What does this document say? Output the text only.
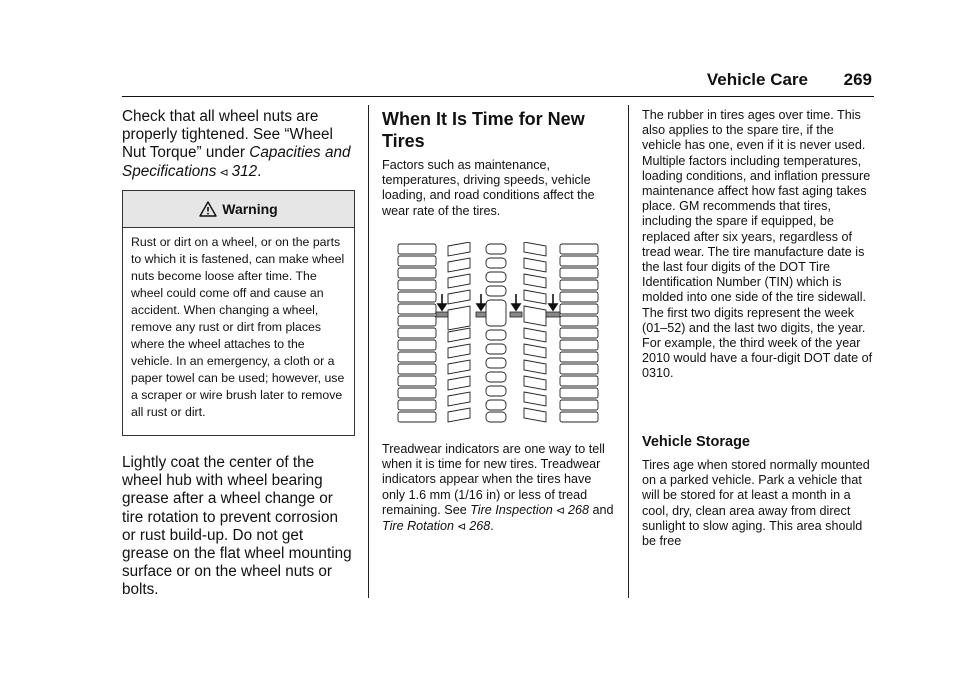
Vehicle Care 269

Check that all wheel nuts are properly tightened. See “Wheel Nut Torque” under Capacities and Specifications ⊲ 312.

Warning
Rust or dirt on a wheel, or on the parts to which it is fastened, can make wheel nuts become loose after time. The wheel could come off and cause an accident. When changing a wheel, remove any rust or dirt from places where the wheel attaches to the vehicle. In an emergency, a cloth or a paper towel can be used; however, use a scraper or wire brush later to remove all rust or dirt.

Lightly coat the center of the wheel hub with wheel bearing grease after a wheel change or tire rotation to prevent corrosion or rust build-up. Do not get grease on the flat wheel mounting surface or on the wheel nuts or bolts.

When It Is Time for New Tires

Factors such as maintenance, temperatures, driving speeds, vehicle loading, and road conditions affect the wear rate of the tires.

Treadwear indicators are one way to tell when it is time for new tires. Treadwear indicators appear when the tires have only 1.6 mm (1/16 in) or less of tread remaining. See Tire Inspection ⊲ 268 and Tire Rotation ⊲ 268.

The rubber in tires ages over time. This also applies to the spare tire, if the vehicle has one, even if it is never used. Multiple factors including temperatures, loading conditions, and inflation pressure maintenance affect how fast aging takes place. GM recommends that tires, including the spare if equipped, be replaced after six years, regardless of tread wear. The tire manufacture date is the last four digits of the DOT Tire Identification Number (TIN) which is molded into one side of the tire sidewall. The first two digits represent the week (01–52) and the last two digits, the year. For example, the third week of the year 2010 would have a four-digit DOT date of 0310.

Vehicle Storage

Tires age when stored normally mounted on a parked vehicle. Park a vehicle that will be stored for at least a month in a cool, dry, clean area away from direct sunlight to slow aging. This area should be free
